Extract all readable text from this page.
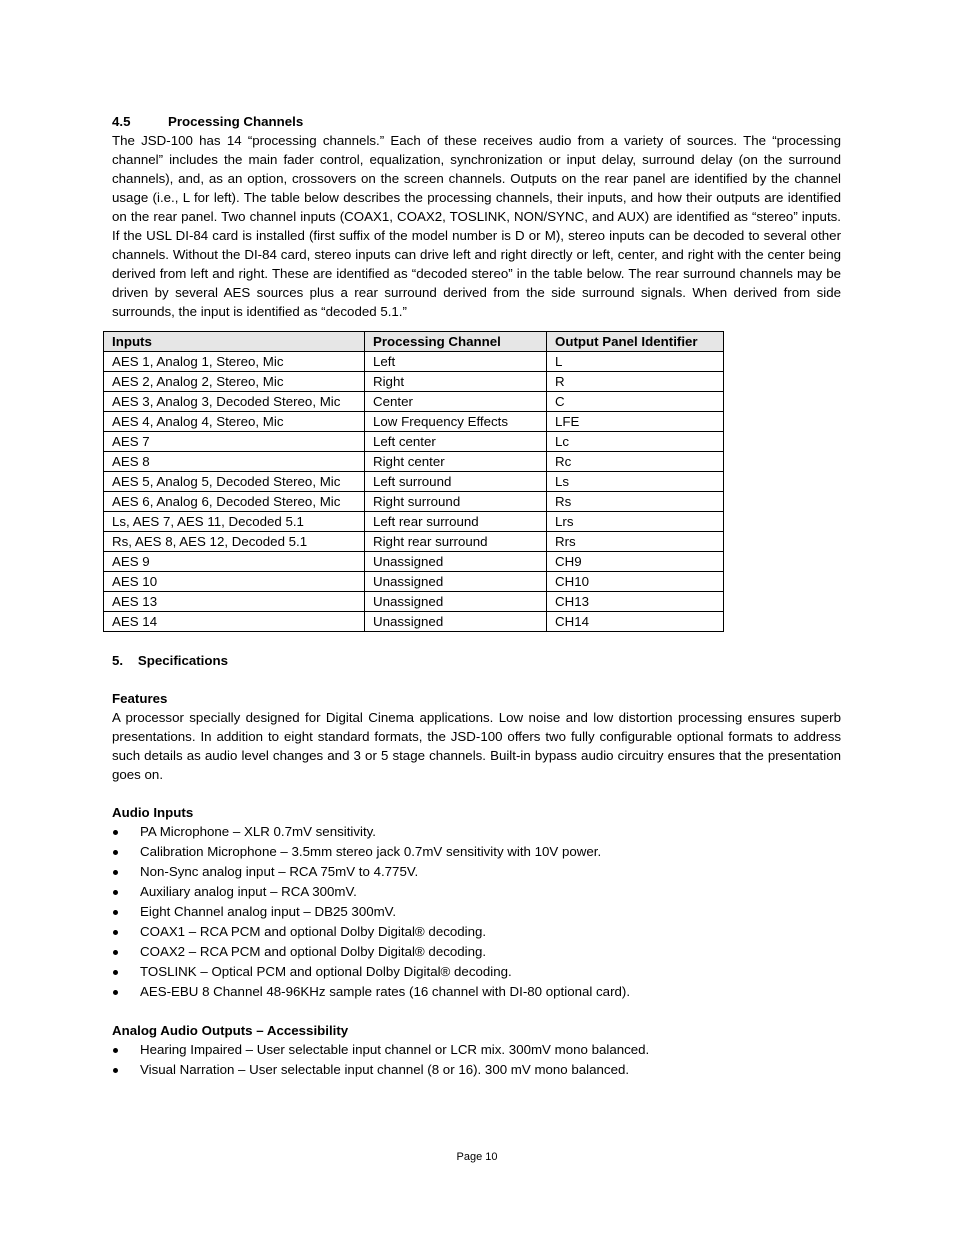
4.5	Processing Channels

The JSD-100 has 14 “processing channels.” Each of these receives audio from a variety of sources. The “processing channel” includes the main fader control, equalization, synchronization or input delay, surround delay (on the surround channels), and, as an option, crossovers on the screen channels. Outputs on the rear panel are identified by the channel usage (i.e., L for left). The table below describes the processing channels, their inputs, and how their outputs are identified on the rear panel. Two channel inputs (COAX1, COAX2, TOSLINK, NON/SYNC, and AUX) are identified as “stereo” inputs. If the USL DI-84 card is installed (first suffix of the model number is D or M), stereo inputs can be decoded to several other channels. Without the DI-84 card, stereo inputs can drive left and right directly or left, center, and right with the center being derived from left and right. These are identified as “decoded stereo” in the table below. The rear surround channels may be driven by several AES sources plus a rear surround derived from the side surround signals. When derived from side surrounds, the input is identified as “decoded 5.1.”

Inputs	Processing Channel	Output Panel Identifier
AES 1, Analog 1, Stereo, Mic	Left	L
AES 2, Analog 2, Stereo, Mic	Right	R
AES 3, Analog 3, Decoded Stereo, Mic	Center	C
AES 4, Analog 4, Stereo, Mic	Low Frequency Effects	LFE
AES 7	Left center	Lc
AES 8	Right center	Rc
AES 5, Analog 5, Decoded Stereo, Mic	Left surround	Ls
AES 6, Analog 6, Decoded Stereo, Mic	Right surround	Rs
Ls, AES 7, AES 11, Decoded 5.1	Left rear surround	Lrs
Rs, AES 8, AES 12, Decoded 5.1	Right rear surround	Rrs
AES 9	Unassigned	CH9
AES 10	Unassigned	CH10
AES 13	Unassigned	CH13
AES 14	Unassigned	CH14
5.    Specifications
Features

A processor specially designed for Digital Cinema applications. Low noise and low distortion processing ensures superb presentations. In addition to eight standard formats, the JSD-100 offers two fully configurable optional formats to address such details as audio level changes and 3 or 5 stage channels. Built-in bypass audio circuitry ensures that the presentation goes on.

Audio Inputs
PA Microphone – XLR 0.7mV sensitivity.
Calibration Microphone – 3.5mm stereo jack 0.7mV sensitivity with 10V power.
Non-Sync analog input – RCA 75mV to 4.775V.
Auxiliary analog input – RCA 300mV.
Eight Channel analog input – DB25 300mV.
COAX1 – RCA PCM and optional Dolby Digital® decoding.
COAX2 – RCA PCM and optional Dolby Digital® decoding.
TOSLINK – Optical PCM and optional Dolby Digital® decoding.
AES-EBU 8 Channel 48-96KHz sample rates (16 channel with DI-80 optional card).
Analog Audio Outputs – Accessibility
Hearing Impaired – User selectable input channel or LCR mix. 300mV mono balanced.
Visual Narration – User selectable input channel (8 or 16). 300 mV mono balanced.
Page 10
